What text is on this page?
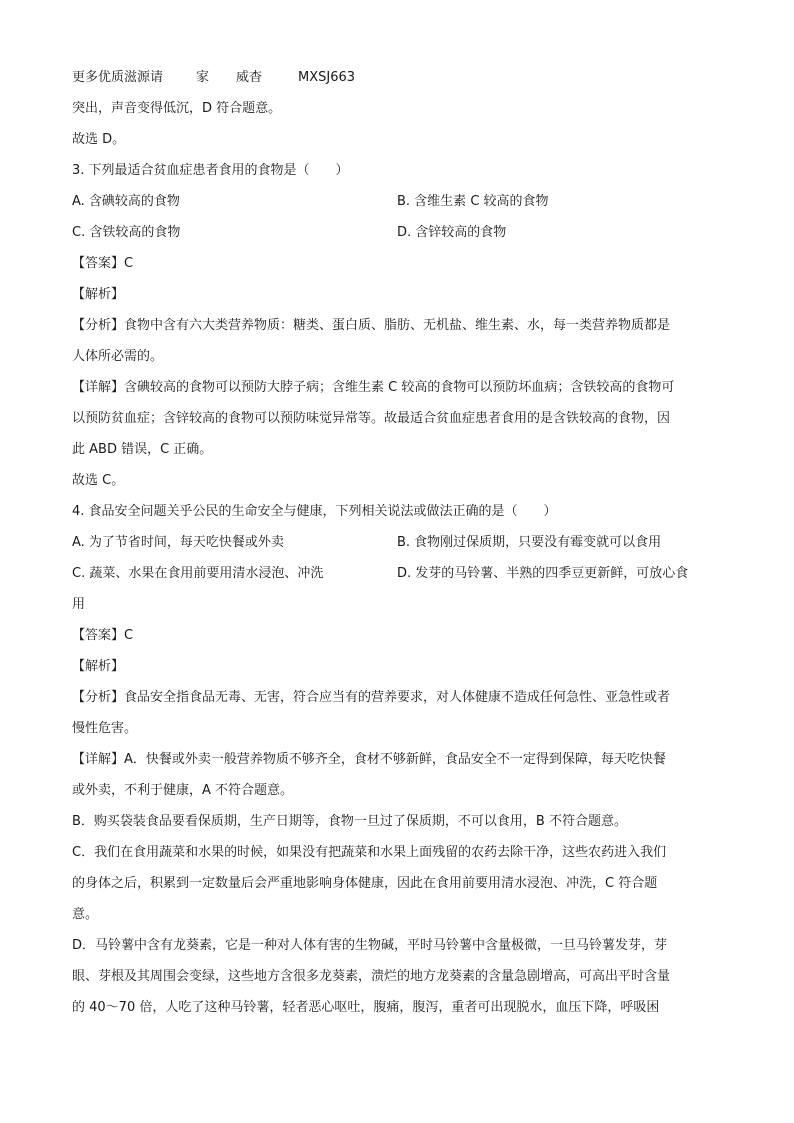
更多优质滋源请	家 威杳	MXSJ663
突出，声音变得低沉，D 符合题意。
故选 D。
3. 下列最适合贫血症患者食用的食物是（　　）
A. 含碘较高的食物	B. 含维生素 C 较高的食物
C. 含铁较高的食物	D. 含锌较高的食物
【答案】C
【解析】
【分析】食物中含有六大类营养物质：糖类、蛋白质、脂肪、无机盐、维生素、水，每一类营养物质都是
人体所必需的。
【详解】含碘较高的食物可以预防大脖子病；含维生素 C 较高的食物可以预防坏血病；含铁较高的食物可
以预防贫血症；含锌较高的食物可以预防味觉异常等。故最适合贫血症患者食用的是含铁较高的食物，因
此 ABD 错误，C 正确。
故选 C。
4. 食品安全问题关乎公民的生命安全与健康，下列相关说法或做法正确的是（　　）
A. 为了节省时间，每天吃快餐或外卖	B. 食物刚过保质期，只要没有霉变就可以食用
C. 蔬菜、水果在食用前要用清水浸泡、冲洗	D. 发芽的马铃薯、半熟的四季豆更新鲜，可放心食
用
【答案】C
【解析】
【分析】食品安全指食品无毒、无害，符合应当有的营养要求，对人体健康不造成任何急性、亚急性或者
慢性危害。
【详解】A．快餐或外卖一般营养物质不够齐全，食材不够新鲜，食品安全不一定得到保障，每天吃快餐
或外卖，不利于健康，A 不符合题意。
B．购买袋装食品要看保质期，生产日期等，食物一旦过了保质期，不可以食用，B 不符合题意。
C．我们在食用蔬菜和水果的时候，如果没有把蔬菜和水果上面残留的农药去除干净，这些农药进入我们
的身体之后，积累到一定数量后会严重地影响身体健康，因此在食用前要用清水浸泡、冲洗，C 符合题
意。
D．马铃薯中含有龙葵素，它是一种对人体有害的生物碱，平时马铃薯中含量极微，一旦马铃薯发芽，芽
眼、芽根及其周围会变绿，这些地方含很多龙葵素，溃烂的地方龙葵素的含量急剧增高，可高出平时含量
的 40～70 倍，人吃了这种马铃薯，轻者恶心呕吐，腹痛，腹泻，重者可出现脱水，血压下降，呼吸困
